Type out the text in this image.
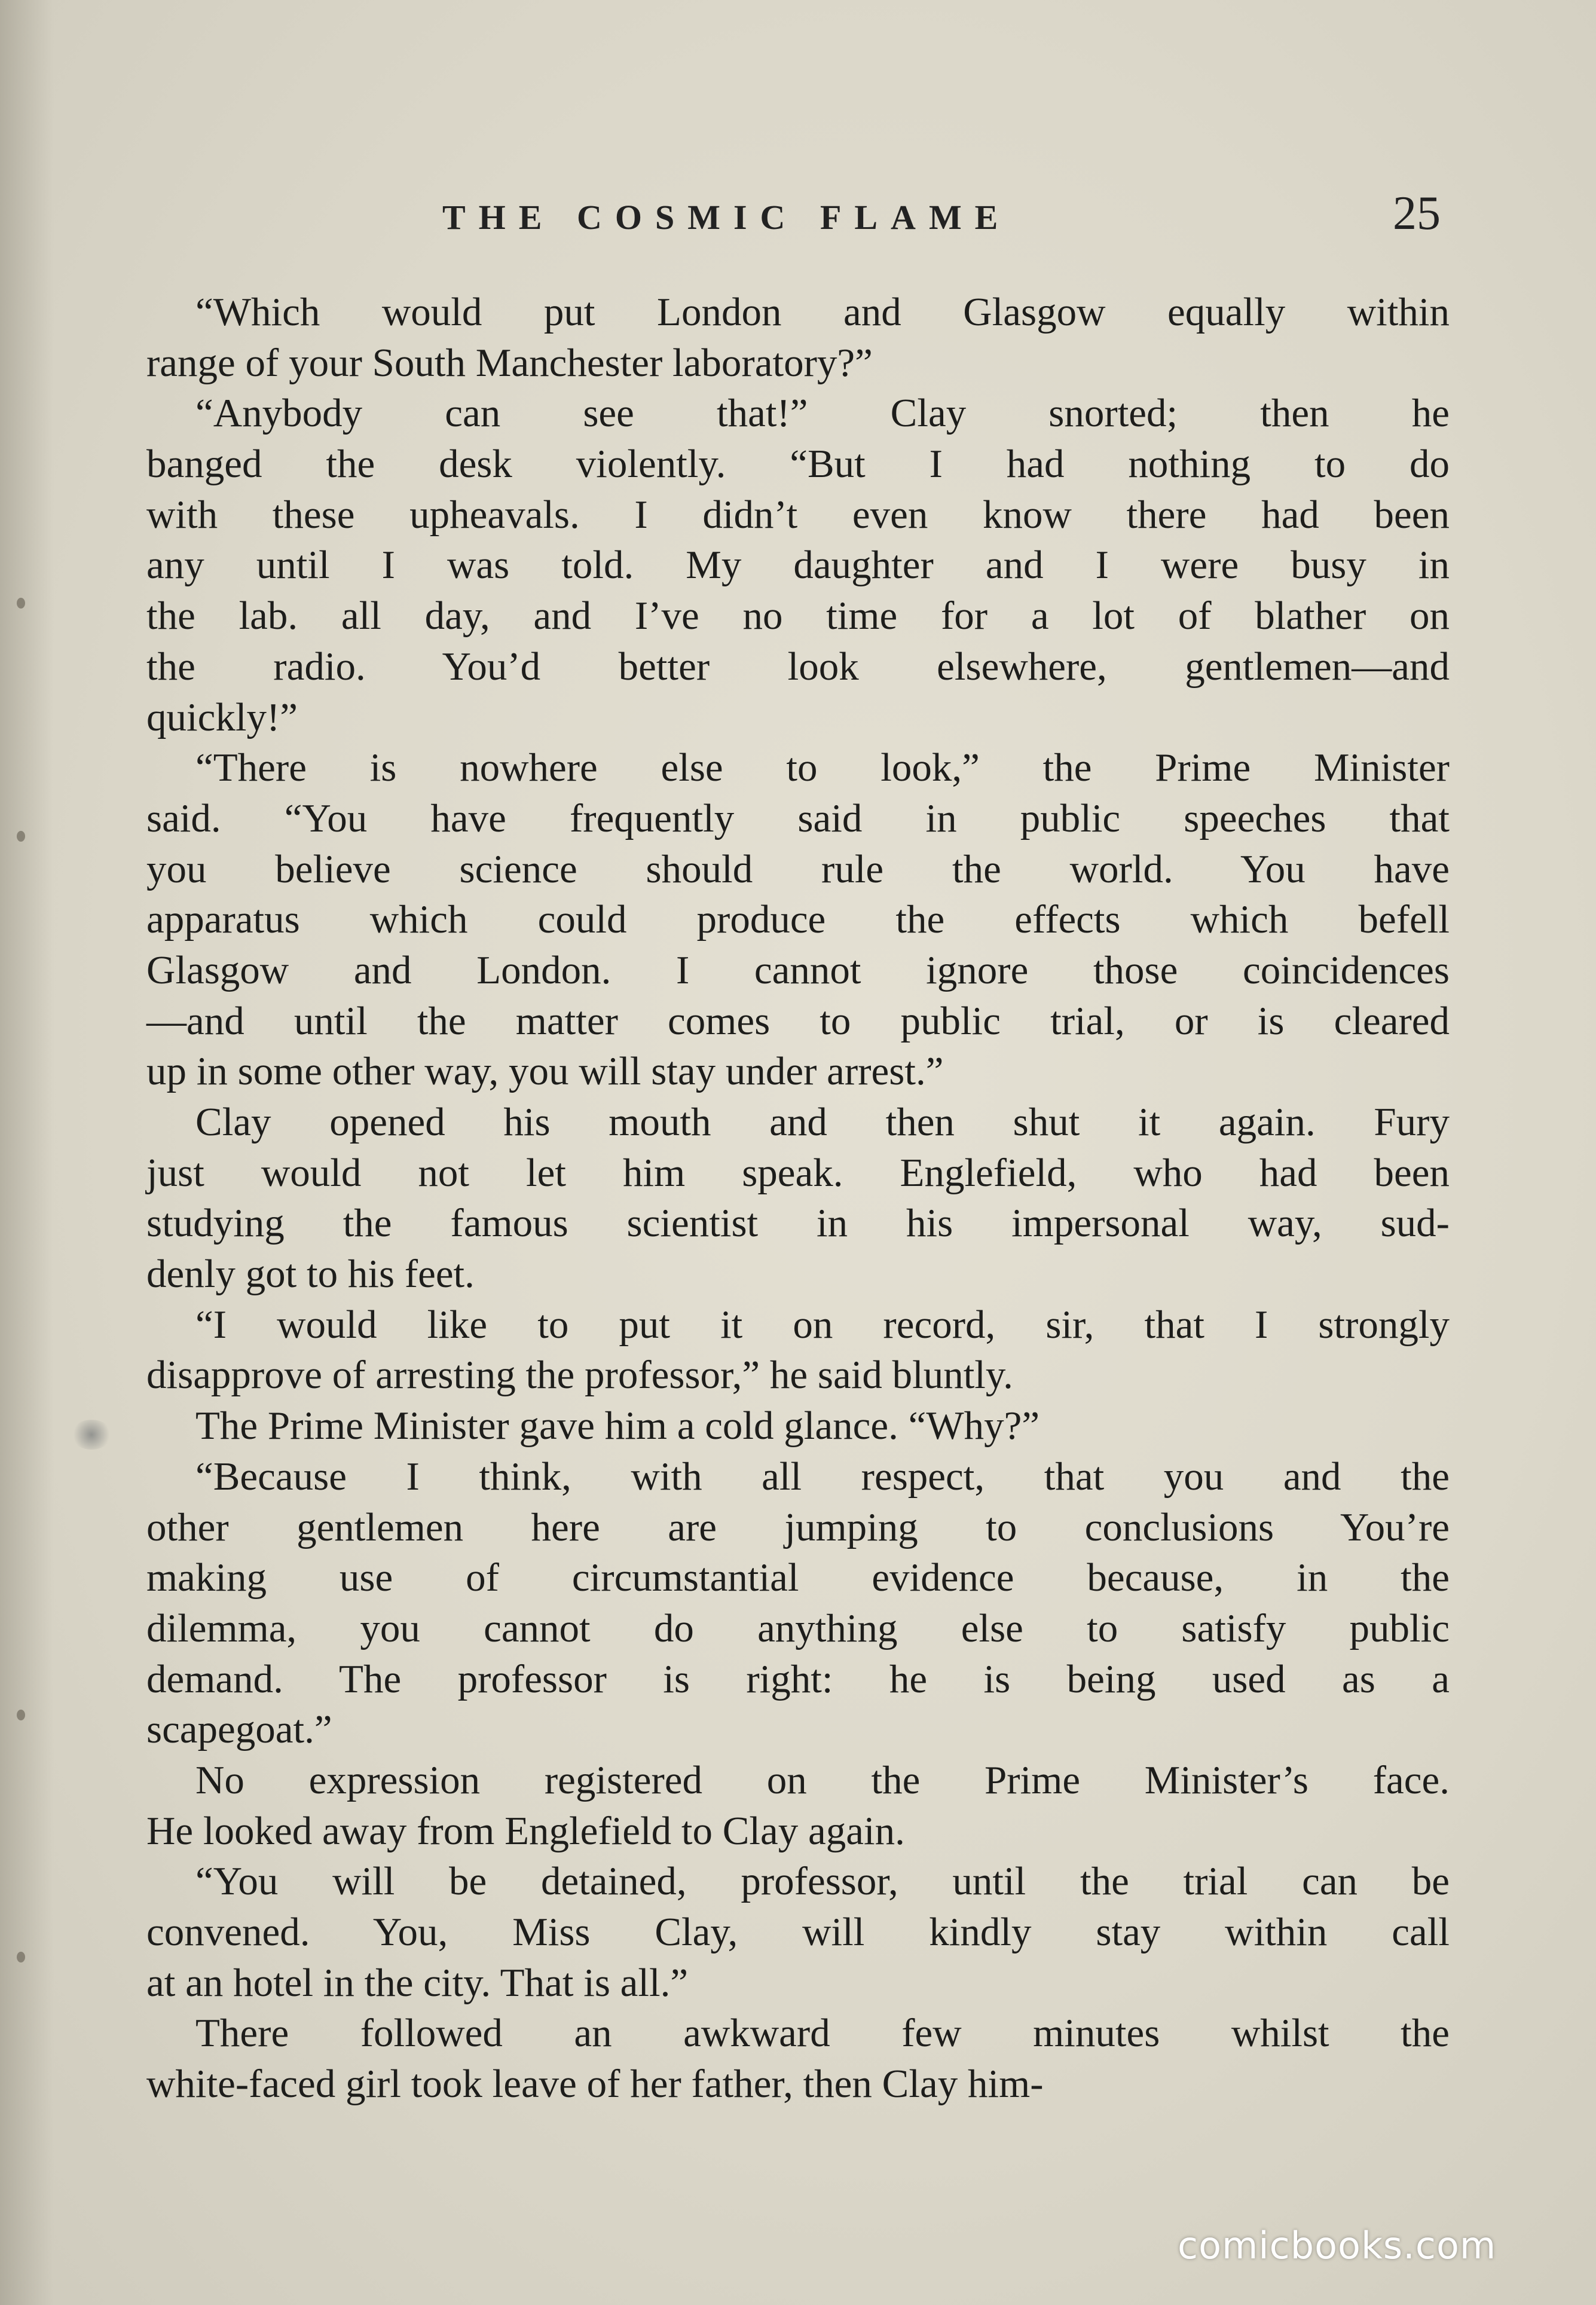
THE COSMIC FLAME	25
“Which would put London and Glasgow equally within
range of your South Manchester laboratory?”
“Anybody can see that!” Clay snorted; then he
banged the desk violently. “But I had nothing to do
with these upheavals. I didn’t even know there had been
any until I was told. My daughter and I were busy in
the lab. all day, and I’ve no time for a lot of blather on
the radio. You’d better look elsewhere, gentlemen—and
quickly!”
“There is nowhere else to look,” the Prime Minister
said. “You have frequently said in public speeches that
you believe science should rule the world. You have
apparatus which could produce the effects which befell
Glasgow and London. I cannot ignore those coincidences
—and until the matter comes to public trial, or is cleared
up in some other way, you will stay under arrest.”
Clay opened his mouth and then shut it again. Fury
just would not let him speak. Englefield, who had been
studying the famous scientist in his impersonal way, sud-
denly got to his feet.
“I would like to put it on record, sir, that I strongly
disapprove of arresting the professor,” he said bluntly.
The Prime Minister gave him a cold glance. “Why?”
“Because I think, with all respect, that you and the
other gentlemen here are jumping to conclusions You’re
making use of circumstantial evidence because, in the
dilemma, you cannot do anything else to satisfy public
demand. The professor is right: he is being used as a
scapegoat.”
No expression registered on the Prime Minister’s face.
He looked away from Englefield to Clay again.
“You will be detained, professor, until the trial can be
convened. You, Miss Clay, will kindly stay within call
at an hotel in the city. That is all.”
There followed an awkward few minutes whilst the
white-faced girl took leave of her father, then Clay him-
comicbooks.com
